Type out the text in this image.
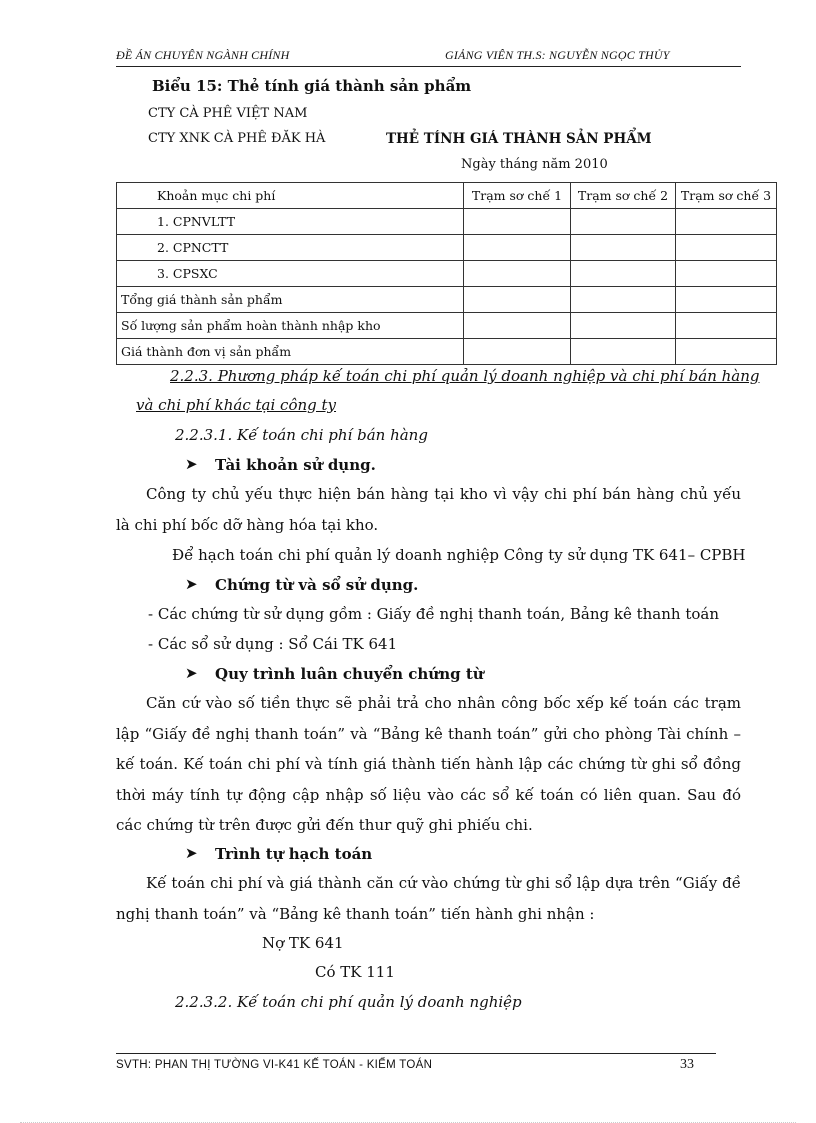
ĐỀ ÁN CHUYÊN NGÀNH CHÍNH	GIẢNG VIÊN TH.S: NGUYỄN NGỌC THỦY
Biểu 15: Thẻ tính giá thành sản phẩm
CTY CÀ PHÊ VIỆT NAM
CTY XNK CÀ PHÊ ĐĂK HÀ	THẺ TÍNH GIÁ THÀNH SẢN PHẨM
Ngày tháng năm 2010
Khoản mục chi phí	Trạm sơ chế 1	Trạm sơ chế 2	Trạm sơ chế 3
1. CPNVLTT			
2. CPNCTT			
3. CPSXC			
Tổng giá thành sản phẩm			
Số lượng sản phẩm hoàn thành nhập kho			
Giá thành đơn vị sản phẩm			
2.2.3. Phương pháp kế toán chi phí quản lý doanh nghiệp và chi phí bán hàng
và chi phí khác tại công ty
2.2.3.1. Kế toán chi phí bán hàng
➤ Tài khoản sử dụng.
Công ty chủ yếu thực hiện bán hàng tại kho vì vậy chi phí bán hàng chủ yếu là chi phí bốc dỡ hàng hóa tại kho.
Để hạch toán chi phí quản lý doanh nghiệp Công ty sử dụng TK 641– CPBH
➤ Chứng từ và sổ sử dụng.
- Các chứng từ sử dụng gồm : Giấy đề nghị thanh toán, Bảng kê thanh toán
- Các sổ sử dụng : Sổ Cái TK 641
➤ Quy trình luân chuyển chứng từ
Căn cứ vào số tiền thực sẽ phải trả cho nhân công bốc xếp kế toán các trạm lập “Giấy đề nghị thanh toán” và “Bảng kê thanh toán” gửi cho phòng Tài chính – kế toán. Kế toán chi phí và tính giá thành tiến hành lập các chứng từ ghi sổ đồng thời máy tính tự động cập nhập số liệu vào các sổ kế toán có liên quan. Sau đó các chứng từ trên được gửi đến thur quỹ ghi phiếu chi.
➤ Trình tự hạch toán
Kế toán chi phí và giá thành căn cứ vào chứng từ ghi sổ lập dựa trên “Giấy đề nghị thanh toán” và “Bảng kê thanh toán” tiến hành ghi nhận :
Nợ TK 641
Có TK 111
2.2.3.2. Kế toán chi phí quản lý doanh nghiệp
SVTH: PHAN THỊ TƯỜNG VI-K41 KẾ TOÁN - KIỂM TOÁN	33
